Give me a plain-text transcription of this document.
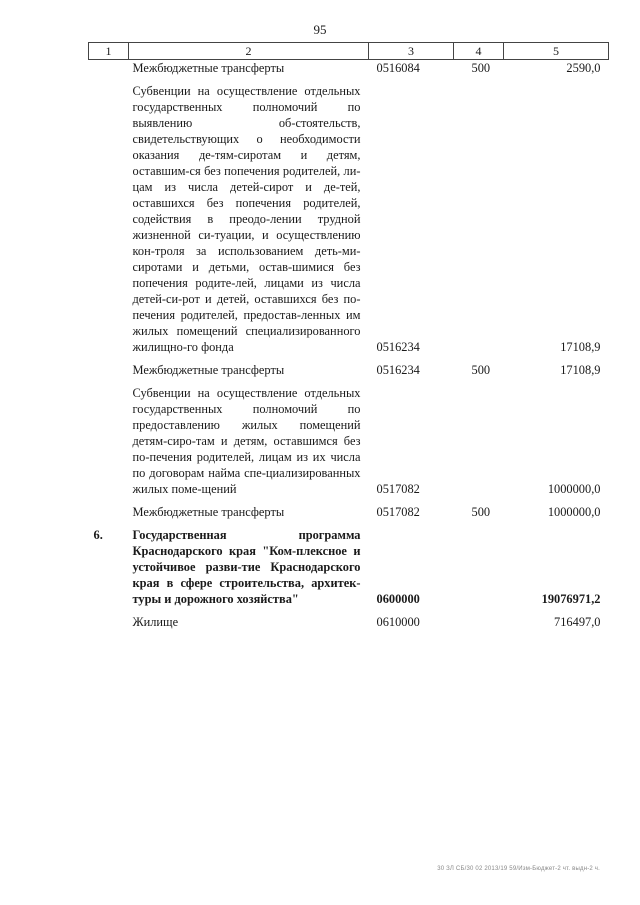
95
1	2	3	4	5
	Межбюджетные трансферты	0516084	500	2590,0
	Субвенции на осуществление отдельных государственных полномочий по выявлению об-стоятельств, свидетельствующих о необходимости оказания де-тям-сиротам и детям, оставшим-ся без попечения родителей, ли-цам из числа детей-сирот и де-тей, оставшихся без попечения родителей, содействия в преодо-лении трудной жизненной си-туации, и осуществлению кон-троля за использованием деть-ми-сиротами и детьми, остав-шимися без попечения родите-лей, лицами из числа детей-си-рот и детей, оставшихся без по-печения родителей, предостав-ленных им жилых помещений специализированного жилищно-го фонда	0516234		17108,9
	Межбюджетные трансферты	0516234	500	17108,9
	Субвенции на осуществление отдельных государственных полномочий по предоставлению жилых помещений детям-сиро-там и детям, оставшимся без по-печения родителей, лицам из их числа по договорам найма спе-циализированных жилых поме-щений	0517082		1000000,0
	Межбюджетные трансферты	0517082	500	1000000,0
6.	Государственная программа Краснодарского края "Ком-плексное и устойчивое разви-тие Краснодарского края в сфере строительства, архитек-туры и дорожного хозяйства"	0600000		19076971,2
	Жилище	0610000		716497,0
30 ЗЛ СБ/30 02 2013/19 59/Изм-Бюджет-2 чт. выдн-2 ч.
